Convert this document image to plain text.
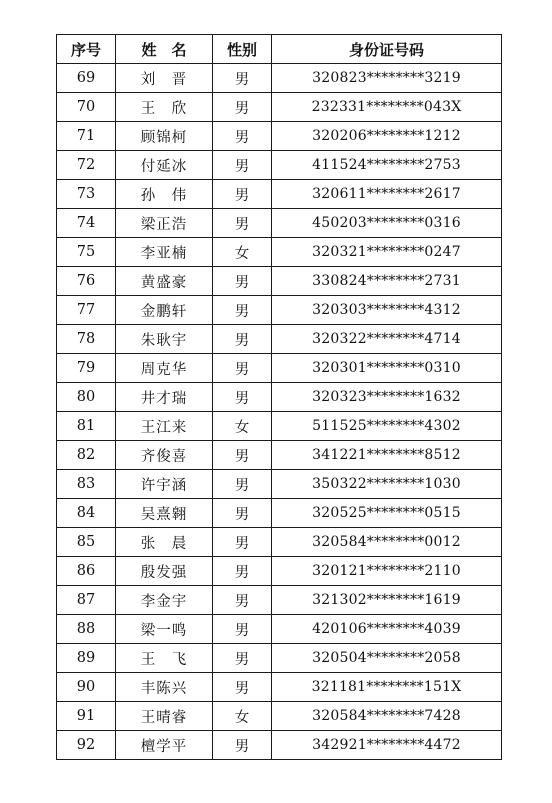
序号	姓　名	性别	身份证号码
69	刘　晋	男	320823********3219
70	王　欣	男	232331********043X
71	顾锦柯	男	320206********1212
72	付延冰	男	411524********2753
73	孙　伟	男	320611********2617
74	梁正浩	男	450203********0316
75	李亚楠	女	320321********0247
76	黄盛豪	男	330824********2731
77	金鹏轩	男	320303********4312
78	朱耿宇	男	320322********4714
79	周克华	男	320301********0310
80	井才瑞	男	320323********1632
81	王江来	女	511525********4302
82	齐俊喜	男	341221********8512
83	许宇涵	男	350322********1030
84	吴熹翱	男	320525********0515
85	张　晨	男	320584********0012
86	殷发强	男	320121********2110
87	李金宇	男	321302********1619
88	梁一鸣	男	420106********4039
89	王　飞	男	320504********2058
90	丰陈兴	男	321181********151X
91	王晴睿	女	320584********7428
92	檀学平	男	342921********4472
